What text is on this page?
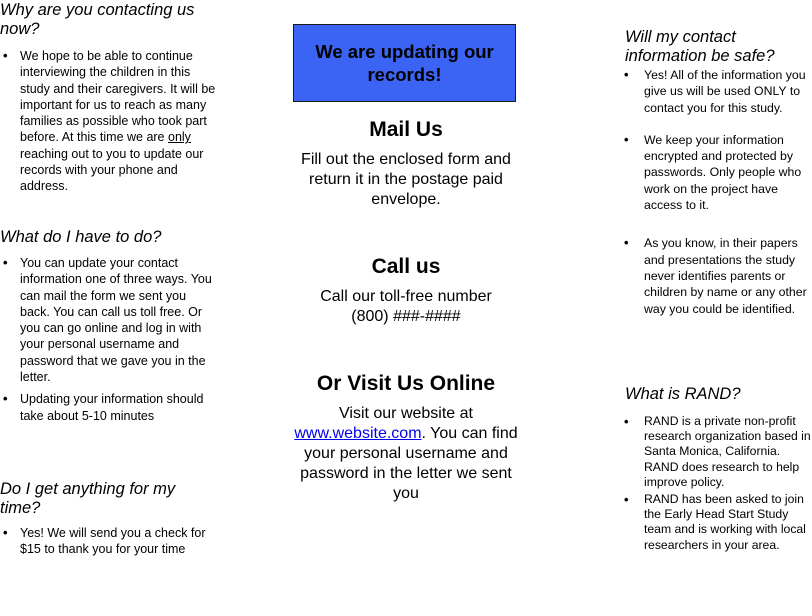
Why are you contacting us now?
• We hope to be able to continue interviewing the children in this study and their caregivers. It will be important for us to reach as many families as possible who took part before. At this time we are only reaching out to you to update our records with your phone and address.
What do I have to do?
• You can update your contact information one of three ways. You can mail the form we sent you back. You can call us toll free. Or you can go online and log in with your personal username and password that we gave you in the letter.
• Updating your information should take about 5-10 minutes
Do I get anything for my time?
• Yes! We will send you a check for $15 to thank you for your time
We are updating our records!
Mail Us

Fill out the enclosed form and return it in the postage paid envelope.

Call us

Call our toll-free number
(800) ###-####

Or Visit Us Online

Visit our website at www.website.com. You can find your personal username and password in the letter we sent you

Will my contact
information be safe?
• Yes! All of the information you give us will be used ONLY to contact you for this study.
• We keep your information encrypted and protected by passwords. Only people who work on the project have access to it.
• As you know, in their papers and presentations the study never identifies parents or children by name or any other way you could be identified.
What is RAND?
• RAND is a private non-profit research organization based in Santa Monica, California. RAND does research to help improve policy.
• RAND has been asked to join the Early Head Start Study team and is working with local researchers in your area.
